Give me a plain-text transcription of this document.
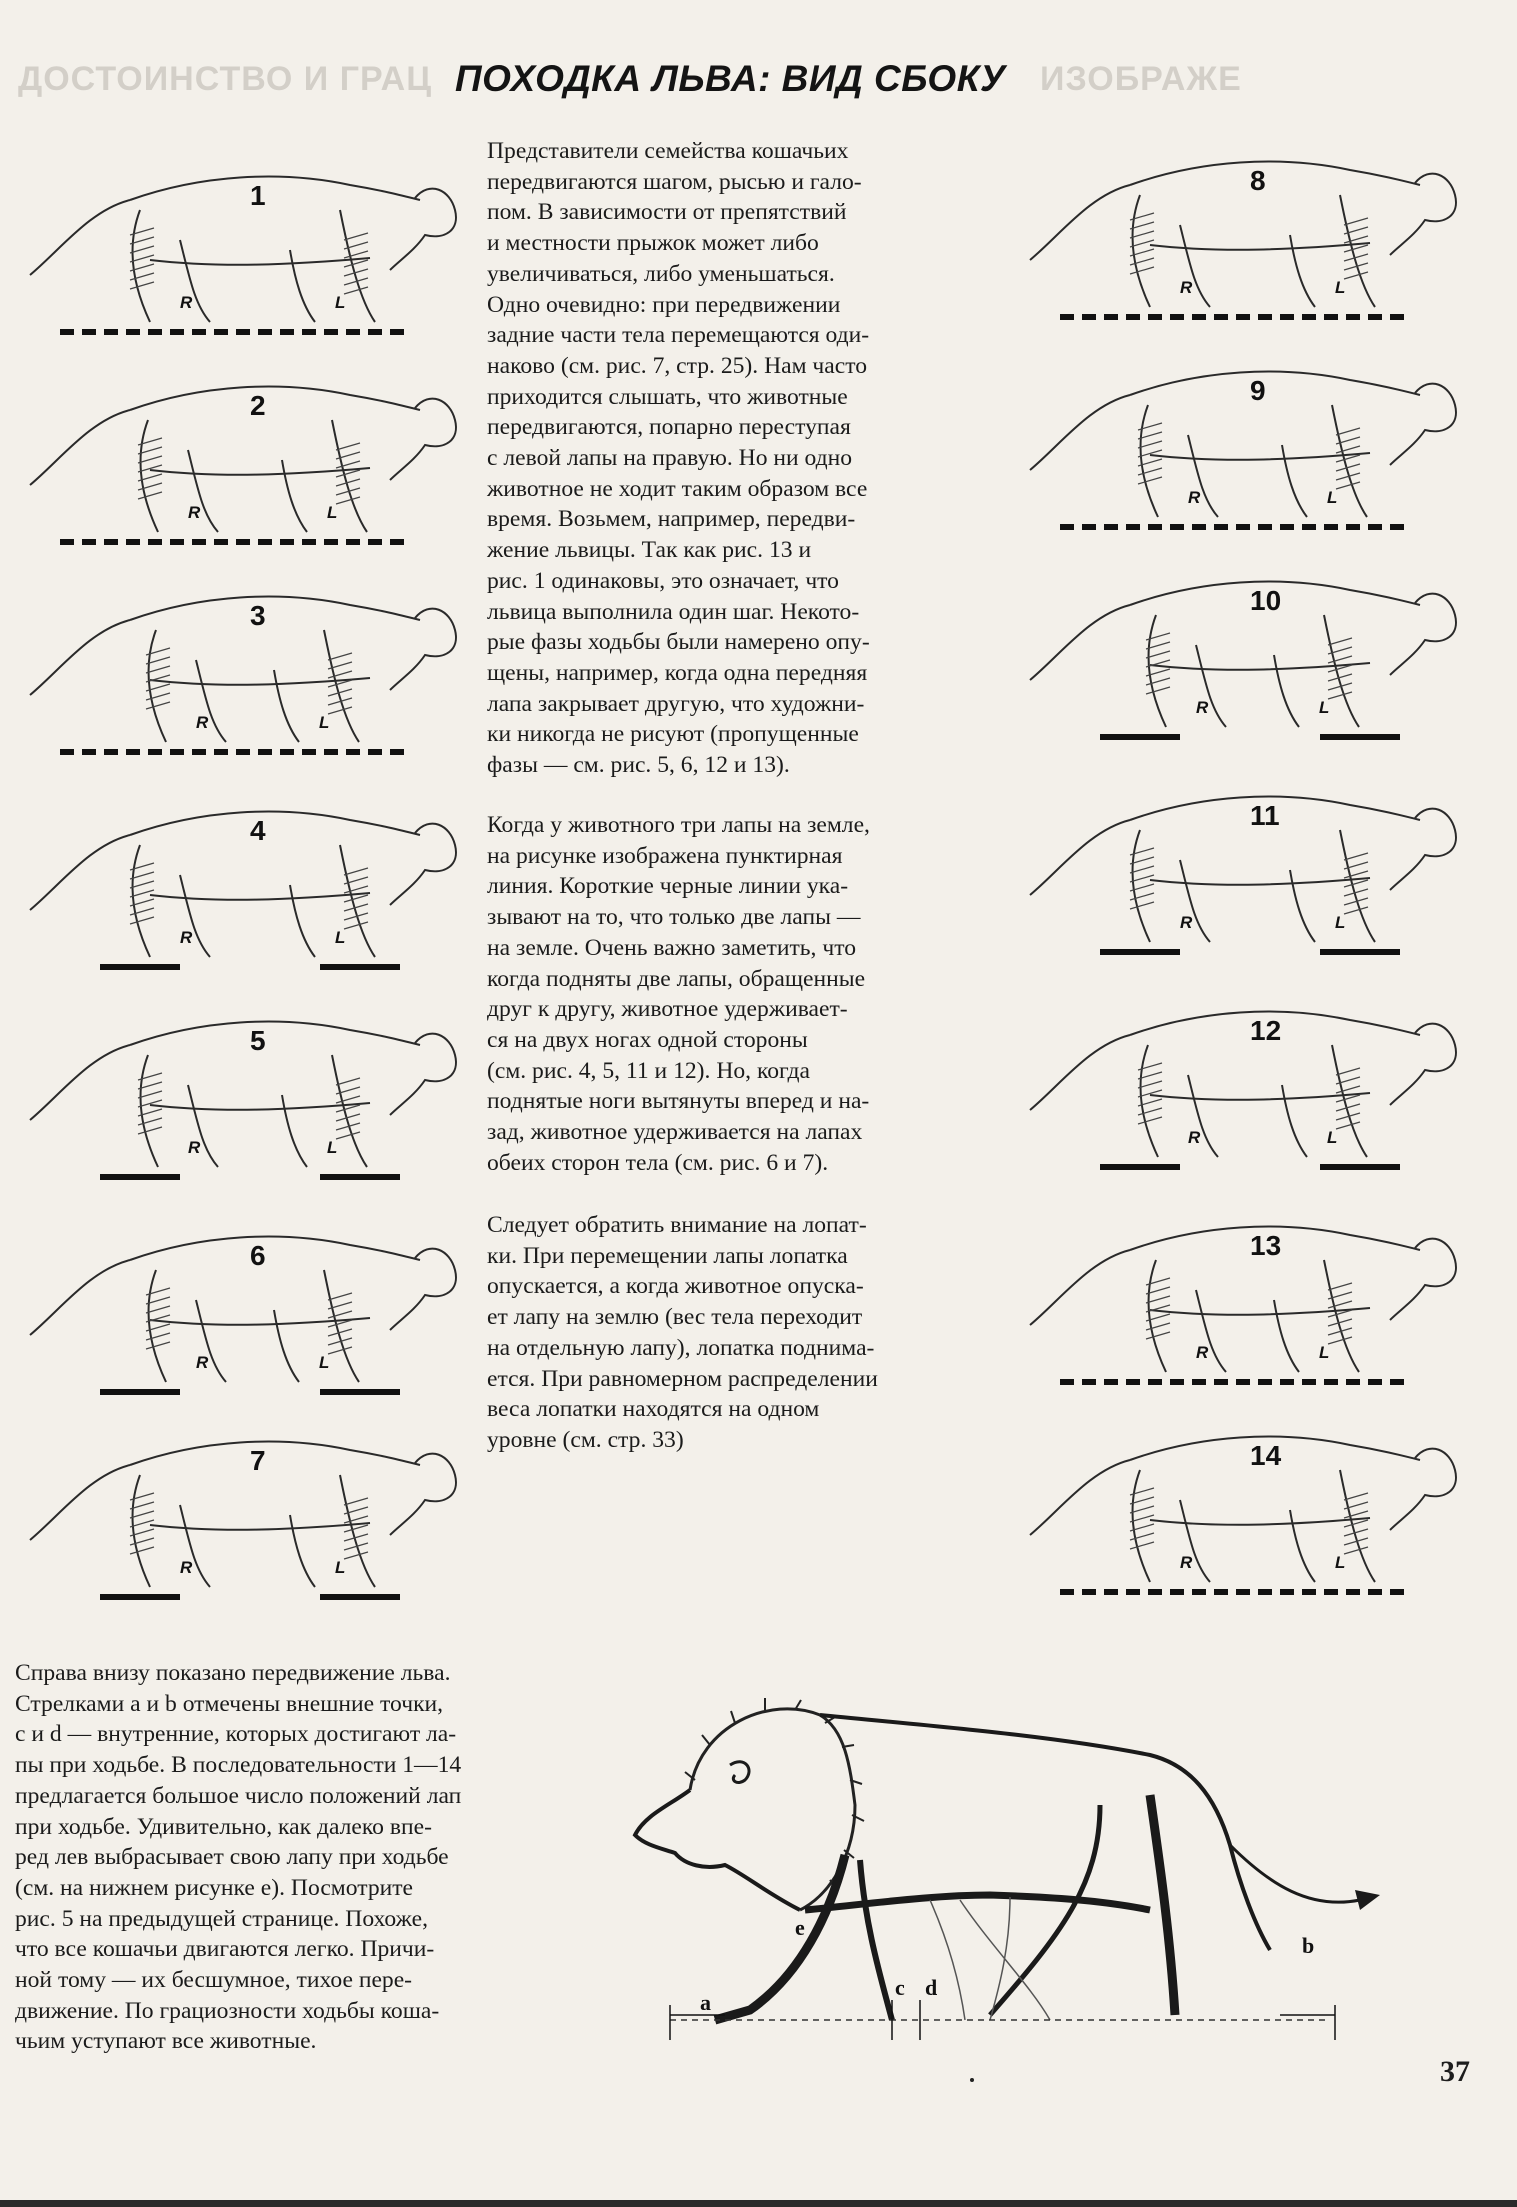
ДОСТОИНСТВО И ГРАЦ	ИЗОБРАЖЕ
ПОХОДКА ЛЬВА: ВИД СБОКУ
Представители семейства кошачьих
передвигаются шагом, рысью и гало-
пом. В зависимости от препятствий
и местности прыжок может либо
увеличиваться, либо уменьшаться.
Одно очевидно: при передвижении
задние части тела перемещаются оди-
наково (см. рис. 7, стр. 25). Нам часто
приходится слышать, что животные
передвигаются, попарно переступая
с левой лапы на правую. Но ни одно
животное не ходит таким образом все
время. Возьмем, например, передви-
жение львицы. Так как рис. 13 и
рис. 1 одинаковы, это означает, что
львица выполнила один шаг. Некото-
рые фазы ходьбы были намерено опу-
щены, например, когда одна передняя
лапа закрывает другую, что художни-
ки никогда не рисуют (пропущенные
фазы — см. рис. 5, 6, 12 и 13).
Когда у животного три лапы на земле,
на рисунке изображена пунктирная
линия. Короткие черные линии ука-
зывают на то, что только две лапы —
на земле. Очень важно заметить, что
когда подняты две лапы, обращенные
друг к другу, животное удерживает-
ся на двух ногах одной стороны
(см. рис. 4, 5, 11 и 12). Но, когда
поднятые ноги вытянуты вперед и на-
зад, животное удерживается на лапах
обеих сторон тела (см. рис. 6 и 7).
Следует обратить внимание на лопат-
ки. При перемещении лапы лопатка
опускается, а когда животное опуска-
ет лапу на землю (вес тела переходит
на отдельную лапу), лопатка поднима-
ется. При равномерном распределении
веса лопатки находятся на одном
уровне (см. стр. 33)
Справа внизу показано передвижение льва.
Стрелками a и b отмечены внешние точки,
c и d — внутренние, которых достигают ла-
пы при ходьбе. В последовательности 1—14
предлагается большое число положений лап
при ходьбе. Удивительно, как далеко впе-
ред лев выбрасывает свою лапу при ходьбе
(см. на нижнем рисунке e). Посмотрите
рис. 5 на предыдущей странице. Похоже,
что все кошачьи двигаются легко. Причи-
ной тому — их бесшумное, тихое пере-
движение. По грациозности ходьбы коша-
чьим уступают все животные.
1
R	L
2
R	L
3
R	L
4
R	L
5
R	L
6
R	L
7
R	L
8
R	L
9
R	L
10
R	L
11
R	L
12
R	L
13
R	L
14
R	L
a
b
c d
e
37
